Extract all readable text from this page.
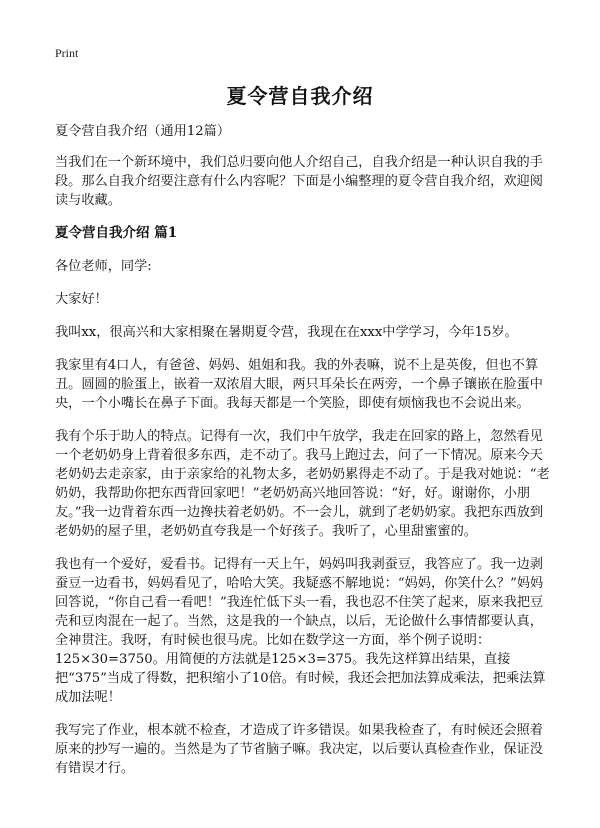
Print
夏令营自我介绍

夏令营自我介绍（通用12篇）

当我们在一个新环境中，我们总归要向他人介绍自己，自我介绍是一种认识自我的手段。那么自我介绍要注意有什么内容呢？下面是小编整理的夏令营自我介绍，欢迎阅读与收藏。

夏令营自我介绍 篇1

各位老师，同学:

大家好！

我叫xx，很高兴和大家相聚在暑期夏令营，我现在在xxx中学学习，今年15岁。

我家里有4口人，有爸爸、妈妈、姐姐和我。我的外表嘛，说不上是英俊，但也不算丑。圆圆的脸蛋上，嵌着一双浓眉大眼，两只耳朵长在两旁，一个鼻子镶嵌在脸蛋中央，一个小嘴长在鼻子下面。我每天都是一个笑脸，即使有烦恼我也不会说出来。

我有个乐于助人的特点。记得有一次，我们中午放学，我走在回家的路上，忽然看见一个老奶奶身上背着很多东西，走不动了。我马上跑过去，问了一下情况。原来今天老奶奶去走亲家，由于亲家给的礼物太多，老奶奶累得走不动了。于是我对她说：“老奶奶，我帮助你把东西背回家吧！”老奶奶高兴地回答说：“好，好。谢谢你，小朋友。”我一边背着东西一边搀扶着老奶奶。不一会儿，就到了老奶奶家。我把东西放到老奶奶的屋子里，老奶奶直夸我是一个好孩子。我听了，心里甜蜜蜜的。

我也有一个爱好，爱看书。记得有一天上午，妈妈叫我剥蚕豆，我答应了。我一边剥蚕豆一边看书，妈妈看见了，哈哈大笑。我疑惑不解地说：“妈妈，你笑什么？”妈妈回答说，“你自己看一看吧！”我连忙低下头一看，我也忍不住笑了起来，原来我把豆壳和豆肉混在一起了。当然，这是我的一个缺点，以后，无论做什么事情都要认真，全神贯注。我呀，有时候也很马虎。比如在数学这一方面，举个例子说明：125×30=3750。用简便的方法就是125×3=375。我先这样算出结果，直接把“375”当成了得数，把积缩小了10倍。有时候，我还会把加法算成乘法，把乘法算成加法呢！

我写完了作业，根本就不检查，才造成了许多错误。如果我检查了，有时候还会照着原来的抄写一遍的。当然是为了节省脑子嘛。我决定，以后要认真检查作业，保证没有错误才行。
